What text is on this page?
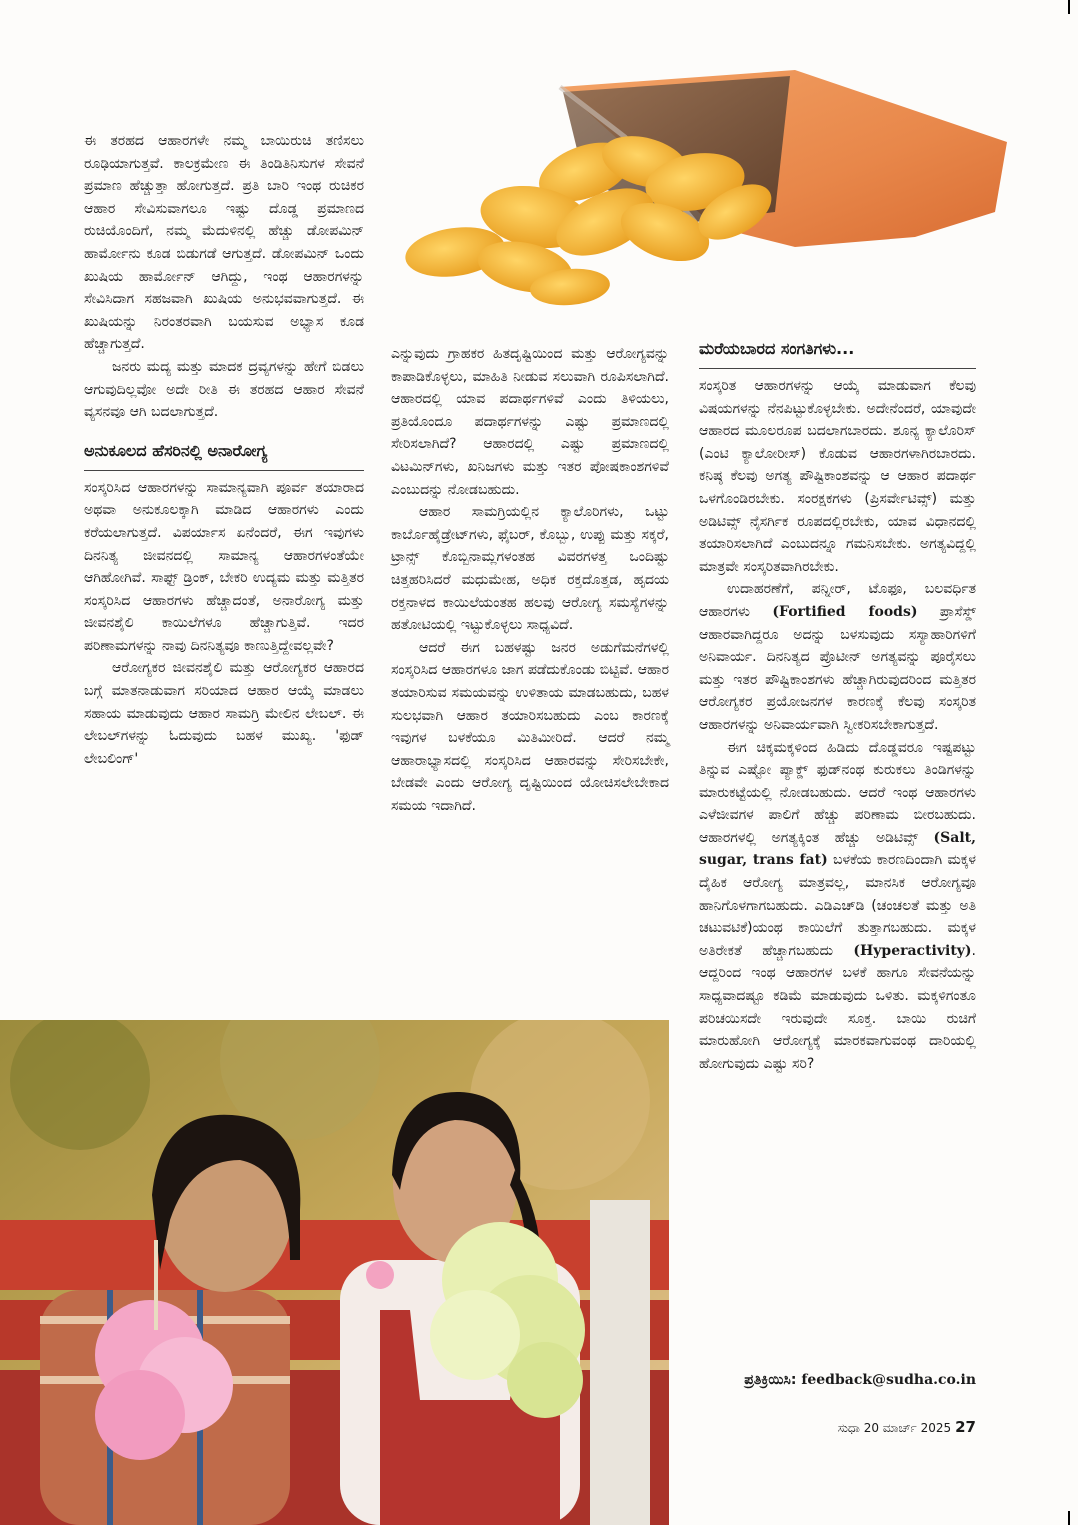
ಈ ತರಹದ ಆಹಾರಗಳೇ ನಮ್ಮ ಬಾಯಿರುಚಿ ತಣಿಸಲು ರೂಢಿಯಾಗುತ್ತವೆ. ಕಾಲಕ್ರಮೇಣ ಈ ತಿಂಡಿತಿನಿಸುಗಳ ಸೇವನೆ ಪ್ರಮಾಣ ಹೆಚ್ಚುತ್ತಾ ಹೋಗುತ್ತದೆ. ಪ್ರತಿ ಬಾರಿ ಇಂಥ ರುಚಿಕರ ಆಹಾರ ಸೇವಿಸುವಾಗಲೂ ಇಷ್ಟು ದೊಡ್ಡ ಪ್ರಮಾಣದ ರುಚಿಯೊಂದಿಗೆ, ನಮ್ಮ ಮೆದುಳಿನಲ್ಲಿ ಹೆಚ್ಚು ಡೋಪಮಿನ್ ಹಾರ್ಮೋನು ಕೂಡ ಬಿಡುಗಡೆ ಆಗುತ್ತದೆ. ಡೋಪಮಿನ್ ಒಂದು ಖುಷಿಯ ಹಾರ್ಮೋನ್ ಆಗಿದ್ದು, ಇಂಥ ಆಹಾರಗಳನ್ನು ಸೇವಿಸಿದಾಗ ಸಹಜವಾಗಿ ಖುಷಿಯ ಅನುಭವವಾಗುತ್ತದೆ. ಈ ಖುಷಿಯನ್ನು ನಿರಂತರವಾಗಿ ಬಯಸುವ ಅಭ್ಯಾಸ ಕೂಡ ಹೆಚ್ಚಾಗುತ್ತದೆ.

ಜನರು ಮದ್ಯ ಮತ್ತು ಮಾದಕ ದ್ರವ್ಯಗಳನ್ನು ಹೇಗೆ ಬಿಡಲು ಆಗುವುದಿಲ್ಲವೋ ಅದೇ ರೀತಿ ಈ ತರಹದ ಆಹಾರ ಸೇವನೆ ವ್ಯಸನವೂ ಆಗಿ ಬದಲಾಗುತ್ತದೆ.

ಅನುಕೂಲದ ಹೆಸರಿನಲ್ಲಿ ಅನಾರೋಗ್ಯ

ಸಂಸ್ಕರಿಸಿದ ಆಹಾರಗಳನ್ನು ಸಾಮಾನ್ಯವಾಗಿ ಪೂರ್ವ ತಯಾರಾದ ಅಥವಾ ಅನುಕೂಲಕ್ಕಾಗಿ ಮಾಡಿದ ಆಹಾರಗಳು ಎಂದು ಕರೆಯಲಾಗುತ್ತದೆ. ವಿಪರ್ಯಾಸ ಏನೆಂದರೆ, ಈಗ ಇವುಗಳು ದಿನನಿತ್ಯ ಜೀವನದಲ್ಲಿ ಸಾಮಾನ್ಯ ಆಹಾರಗಳಂತೆಯೇ ಆಗಿಹೋಗಿವೆ. ಸಾಫ್ಟ್ ಡ್ರಿಂಕ್, ಬೇಕರಿ ಉದ್ಯಮ ಮತ್ತು ಮತ್ತಿತರ ಸಂಸ್ಕರಿಸಿದ ಆಹಾರಗಳು ಹೆಚ್ಚಾದಂತೆ, ಅನಾರೋಗ್ಯ ಮತ್ತು ಜೀವನಶೈಲಿ ಕಾಯಿಲೆಗಳೂ ಹೆಚ್ಚಾಗುತ್ತಿವೆ. ಇದರ ಪರಿಣಾಮಗಳನ್ನು ನಾವು ದಿನನಿತ್ಯವೂ ಕಾಣುತ್ತಿದ್ದೇವಲ್ಲವೇ?

ಆರೋಗ್ಯಕರ ಜೀವನಶೈಲಿ ಮತ್ತು ಆರೋಗ್ಯಕರ ಆಹಾರದ ಬಗ್ಗೆ ಮಾತನಾಡುವಾಗ ಸರಿಯಾದ ಆಹಾರ ಆಯ್ಕೆ ಮಾಡಲು ಸಹಾಯ ಮಾಡುವುದು ಆಹಾರ ಸಾಮಗ್ರಿ ಮೇಲಿನ ಲೇಬಲ್. ಈ ಲೇಬಲ್‌ಗಳನ್ನು ಓದುವುದು ಬಹಳ ಮುಖ್ಯ. 'ಫುಡ್ ಲೇಬಲಿಂಗ್'

ಎನ್ನುವುದು ಗ್ರಾಹಕರ ಹಿತದೃಷ್ಟಿಯಿಂದ ಮತ್ತು ಆರೋಗ್ಯವನ್ನು ಕಾಪಾಡಿಕೊಳ್ಳಲು, ಮಾಹಿತಿ ನೀಡುವ ಸಲುವಾಗಿ ರೂಪಿಸಲಾಗಿದೆ. ಆಹಾರದಲ್ಲಿ ಯಾವ ಪದಾರ್ಥಗಳಿವೆ ಎಂದು ತಿಳಿಯಲು, ಪ್ರತಿಯೊಂದೂ ಪದಾರ್ಥಗಳನ್ನು ಎಷ್ಟು ಪ್ರಮಾಣದಲ್ಲಿ ಸೇರಿಸಲಾಗಿದೆ? ಆಹಾರದಲ್ಲಿ ಎಷ್ಟು ಪ್ರಮಾಣದಲ್ಲಿ ವಿಟಮಿನ್‌ಗಳು, ಖನಿಜಗಳು ಮತ್ತು ಇತರ ಪೋಷಕಾಂಶಗಳಿವೆ ಎಂಬುದನ್ನು ನೋಡಬಹುದು.

ಆಹಾರ ಸಾಮಗ್ರಿಯಲ್ಲಿನ ಕ್ಯಾಲೊರಿಗಳು, ಒಟ್ಟು ಕಾರ್ಬೊಹೈಡ್ರೇಟ್‌ಗಳು, ಫೈಬರ್, ಕೊಬ್ಬು, ಉಪ್ಪು ಮತ್ತು ಸಕ್ಕರೆ, ಟ್ರಾನ್ಸ್ ಕೊಬ್ಬಿನಾಮ್ಲಗಳಂತಹ ವಿವರಗಳತ್ತ ಒಂದಿಷ್ಟು ಚಿತ್ತಹರಿಸಿದರೆ ಮಧುಮೇಹ, ಅಧಿಕ ರಕ್ತದೊತ್ತಡ, ಹೃದಯ ರಕ್ತನಾಳದ ಕಾಯಿಲೆಯಂತಹ ಹಲವು ಆರೋಗ್ಯ ಸಮಸ್ಯೆಗಳನ್ನು ಹತೋಟಿಯಲ್ಲಿ ಇಟ್ಟುಕೊಳ್ಳಲು ಸಾಧ್ಯವಿದೆ.

ಆದರೆ ಈಗ ಬಹಳಷ್ಟು ಜನರ ಅಡುಗೆಮನೆಗಳಲ್ಲಿ ಸಂಸ್ಕರಿಸಿದ ಆಹಾರಗಳೂ ಜಾಗ ಪಡೆದುಕೊಂಡು ಬಿಟ್ಟಿವೆ. ಆಹಾರ ತಯಾರಿಸುವ ಸಮಯವನ್ನು ಉಳಿತಾಯ ಮಾಡಬಹುದು, ಬಹಳ ಸುಲಭವಾಗಿ ಆಹಾರ ತಯಾರಿಸಬಹುದು ಎಂಬ ಕಾರಣಕ್ಕೆ ಇವುಗಳ ಬಳಕೆಯೂ ಮಿತಿಮೀರಿದೆ. ಆದರೆ ನಮ್ಮ ಆಹಾರಾಭ್ಯಾಸದಲ್ಲಿ ಸಂಸ್ಕರಿಸಿದ ಆಹಾರವನ್ನು ಸೇರಿಸಬೇಕೇ, ಬೇಡವೇ ಎಂದು ಆರೋಗ್ಯ ದೃಷ್ಟಿಯಿಂದ ಯೋಚಿಸಲೇಬೇಕಾದ ಸಮಯ ಇದಾಗಿದೆ.

ಮರೆಯಬಾರದ ಸಂಗತಿಗಳು...

ಸಂಸ್ಕರಿತ ಆಹಾರಗಳನ್ನು ಆಯ್ಕೆ ಮಾಡುವಾಗ ಕೆಲವು ವಿಷಯಗಳನ್ನು ನೆನಪಿಟ್ಟುಕೊಳ್ಳಬೇಕು. ಅದೇನೆಂದರೆ, ಯಾವುದೇ ಆಹಾರದ ಮೂಲರೂಪ ಬದಲಾಗಬಾರದು. ಶೂನ್ಯ ಕ್ಯಾಲೊರಿಸ್ (ಎಂಟಿ ಕ್ಯಾಲೋರೀಸ್) ಕೊಡುವ ಆಹಾರಗಳಾಗಿರಬಾರದು. ಕನಿಷ್ಠ ಕೆಲವು ಅಗತ್ಯ ಪೌಷ್ಟಿಕಾಂಶವನ್ನು ಆ ಆಹಾರ ಪದಾರ್ಥ ಒಳಗೊಂಡಿರಬೇಕು. ಸಂರಕ್ಷಕಗಳು (ಪ್ರಿಸರ್ವೇಟಿವ್ಸ್) ಮತ್ತು ಅಡಿಟಿವ್ಸ್ ನೈಸರ್ಗಿಕ ರೂಪದಲ್ಲಿರಬೇಕು, ಯಾವ ವಿಧಾನದಲ್ಲಿ ತಯಾರಿಸಲಾಗಿದೆ ಎಂಬುದನ್ನೂ ಗಮನಿಸಬೇಕು. ಅಗತ್ಯವಿದ್ದಲ್ಲಿ ಮಾತ್ರವೇ ಸಂಸ್ಕರಿತವಾಗಿರಬೇಕು.

ಉದಾಹರಣೆಗೆ, ಪನ್ನೀರ್, ಟೊಫೂ, ಬಲವರ್ಧಿತ ಆಹಾರಗಳು (Fortified foods) ಪ್ರಾಸೆಸ್ಡ್ ಆಹಾರವಾಗಿದ್ದರೂ ಅದನ್ನು ಬಳಸುವುದು ಸಸ್ಯಾಹಾರಿಗಳಿಗೆ ಅನಿವಾರ್ಯ. ದಿನನಿತ್ಯದ ಪ್ರೊಟೀನ್ ಅಗತ್ಯವನ್ನು ಪೂರೈಸಲು ಮತ್ತು ಇತರ ಪೌಷ್ಟಿಕಾಂಶಗಳು ಹೆಚ್ಚಾಗಿರುವುದರಿಂದ ಮತ್ತಿತರ ಆರೋಗ್ಯಕರ ಪ್ರಯೋಜನಗಳ ಕಾರಣಕ್ಕೆ ಕೆಲವು ಸಂಸ್ಕರಿತ ಆಹಾರಗಳನ್ನು ಅನಿವಾರ್ಯವಾಗಿ ಸ್ವೀಕರಿಸಬೇಕಾಗುತ್ತದೆ.

ಈಗ ಚಿಕ್ಕಮಕ್ಕಳಿಂದ ಹಿಡಿದು ದೊಡ್ಡವರೂ ಇಷ್ಟಪಟ್ಟು ತಿನ್ನುವ ಎಷ್ಟೋ ಪ್ಯಾಕ್ಡ್ ಫುಡ್‌ನಂಥ ಕುರುಕಲು ತಿಂಡಿಗಳನ್ನು ಮಾರುಕಟ್ಟೆಯಲ್ಲಿ ನೋಡಬಹುದು. ಆದರೆ ಇಂಥ ಆಹಾರಗಳು ಎಳೆಜೀವಗಳ ಪಾಲಿಗೆ ಹೆಚ್ಚು ಪರಿಣಾಮ ಬೀರಬಹುದು. ಆಹಾರಗಳಲ್ಲಿ ಅಗತ್ಯಕ್ಕಿಂತ ಹೆಚ್ಚು ಅಡಿಟಿವ್ಸ್ (Salt, sugar, trans fat) ಬಳಕೆಯ ಕಾರಣದಿಂದಾಗಿ ಮಕ್ಕಳ ದೈಹಿಕ ಆರೋಗ್ಯ ಮಾತ್ರವಲ್ಲ, ಮಾನಸಿಕ ಆರೋಗ್ಯವೂ ಹಾನಿಗೊಳಗಾಗಬಹುದು. ಎಡಿಎಚ್‌ಡಿ (ಚಂಚಲತೆ ಮತ್ತು ಅತಿ ಚಟುವಟಿಕೆ)ಯಂಥ ಕಾಯಿಲೆಗೆ ತುತ್ತಾಗಬಹುದು. ಮಕ್ಕಳ ಅತಿರೇಕತೆ ಹೆಚ್ಚಾಗಬಹುದು (Hyperactivity). ಆದ್ದರಿಂದ ಇಂಥ ಆಹಾರಗಳ ಬಳಕೆ ಹಾಗೂ ಸೇವನೆಯನ್ನು ಸಾಧ್ಯವಾದಷ್ಟೂ ಕಡಿಮೆ ಮಾಡುವುದು ಒಳಿತು. ಮಕ್ಕಳಿಗಂತೂ ಪರಿಚಯಿಸದೇ ಇರುವುದೇ ಸೂಕ್ತ. ಬಾಯಿ ರುಚಿಗೆ ಮಾರುಹೋಗಿ ಆರೋಗ್ಯಕ್ಕೆ ಮಾರಕವಾಗುವಂಥ ದಾರಿಯಲ್ಲಿ ಹೋಗುವುದು ಎಷ್ಟು ಸರಿ?

ಪ್ರತಿಕ್ರಿಯಿಸಿ: feedback@sudha.co.in
ಸುಧಾ 20 ಮಾರ್ಚ್ 2025 27
